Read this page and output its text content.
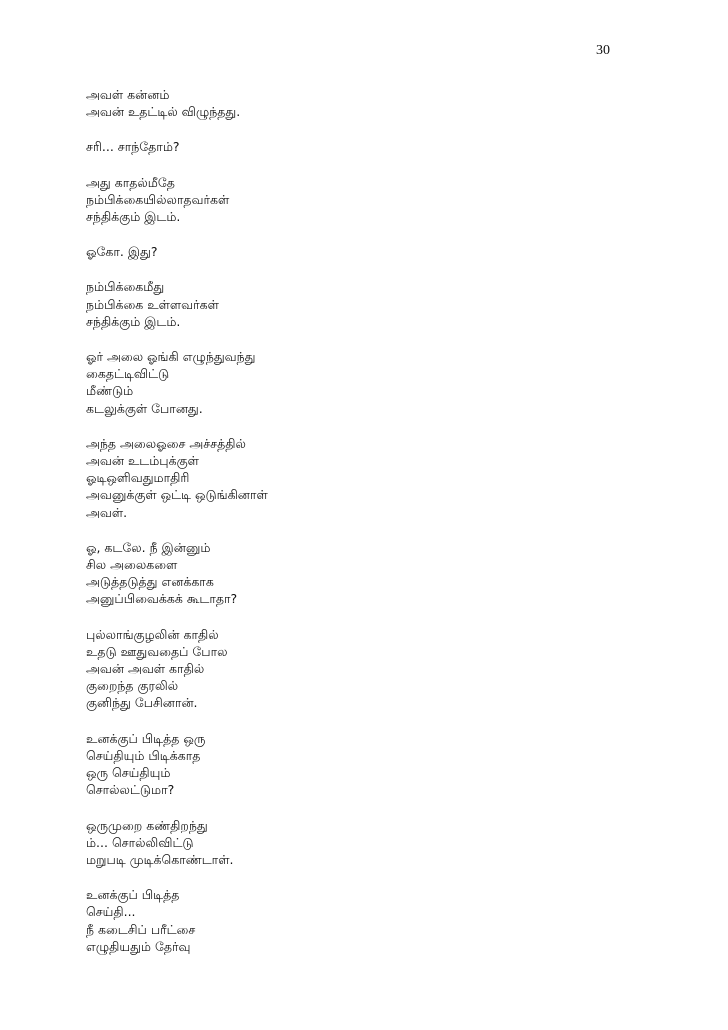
30
அவள் கன்னம்
அவன் உதட்டில் விழுந்தது.
சரி... சாந்தோம்?
அது காதல்மீதே
நம்பிக்கையில்லாதவர்கள்
சந்திக்கும் இடம்.
ஓகோ. இது?
நம்பிக்கைமீது
நம்பிக்கை உள்ளவர்கள்
சந்திக்கும் இடம்.
ஓர் அலை ஓங்கி எழுந்துவந்து
கைதட்டிவிட்டு
மீண்டும்
கடலுக்குள் போனது.
அந்த அலைஓசை அச்சத்தில்
அவன் உடம்புக்குள்
ஓடிஒளிவதுமாதிரி
அவனுக்குள் ஒட்டி ஒடுங்கினாள்
அவள்.
ஓ, கடலே. நீ இன்னும்
சில அலைகளை
அடுத்தடுத்து எனக்காக
அனுப்பிவைக்கக் கூடாதா?
புல்லாங்குழலின் காதில்
உதடு ஊதுவதைப் போல
அவன் அவள் காதில்
குறைந்த குரலில்
குனிந்து பேசினான்.
உனக்குப் பிடித்த ஒரு
செய்தியும் பிடிக்காத
ஒரு செய்தியும்
சொல்லட்டுமா?
ஒருமுறை கண்திறந்து
ம்... சொல்லிவிட்டு
மறுபடி முடிக்கொண்டாள்.
உனக்குப் பிடித்த
செய்தி...
நீ கடைசிப் பரீட்சை
எழுதியதும் தேர்வு
